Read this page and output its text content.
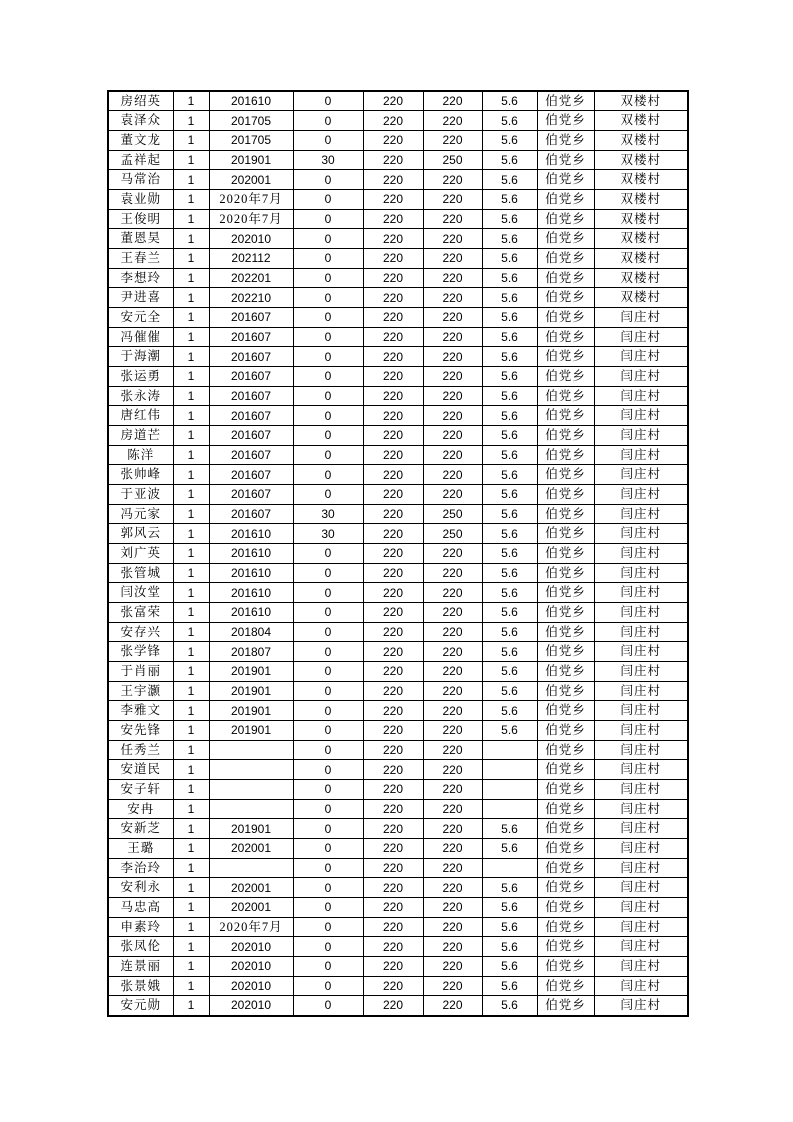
房绍英	1	201610	0	220	220	5.6	伯党乡	双楼村
袁泽众	1	201705	0	220	220	5.6	伯党乡	双楼村
董文龙	1	201705	0	220	220	5.6	伯党乡	双楼村
孟祥起	1	201901	30	220	250	5.6	伯党乡	双楼村
马常治	1	202001	0	220	220	5.6	伯党乡	双楼村
袁业勋	1	2020年7月	0	220	220	5.6	伯党乡	双楼村
王俊明	1	2020年7月	0	220	220	5.6	伯党乡	双楼村
董恩昊	1	202010	0	220	220	5.6	伯党乡	双楼村
王春兰	1	202112	0	220	220	5.6	伯党乡	双楼村
李想玲	1	202201	0	220	220	5.6	伯党乡	双楼村
尹进喜	1	202210	0	220	220	5.6	伯党乡	双楼村
安元全	1	201607	0	220	220	5.6	伯党乡	闫庄村
冯催催	1	201607	0	220	220	5.6	伯党乡	闫庄村
于海潮	1	201607	0	220	220	5.6	伯党乡	闫庄村
张运勇	1	201607	0	220	220	5.6	伯党乡	闫庄村
张永涛	1	201607	0	220	220	5.6	伯党乡	闫庄村
唐红伟	1	201607	0	220	220	5.6	伯党乡	闫庄村
房道芒	1	201607	0	220	220	5.6	伯党乡	闫庄村
陈洋	1	201607	0	220	220	5.6	伯党乡	闫庄村
张帅峰	1	201607	0	220	220	5.6	伯党乡	闫庄村
于亚波	1	201607	0	220	220	5.6	伯党乡	闫庄村
冯元家	1	201607	30	220	250	5.6	伯党乡	闫庄村
郭风云	1	201610	30	220	250	5.6	伯党乡	闫庄村
刘广英	1	201610	0	220	220	5.6	伯党乡	闫庄村
张管城	1	201610	0	220	220	5.6	伯党乡	闫庄村
闫汝堂	1	201610	0	220	220	5.6	伯党乡	闫庄村
张富荣	1	201610	0	220	220	5.6	伯党乡	闫庄村
安存兴	1	201804	0	220	220	5.6	伯党乡	闫庄村
张学锋	1	201807	0	220	220	5.6	伯党乡	闫庄村
于肖丽	1	201901	0	220	220	5.6	伯党乡	闫庄村
王宇灏	1	201901	0	220	220	5.6	伯党乡	闫庄村
李雅文	1	201901	0	220	220	5.6	伯党乡	闫庄村
安先锋	1	201901	0	220	220	5.6	伯党乡	闫庄村
任秀兰	1		0	220	220		伯党乡	闫庄村
安道民	1		0	220	220		伯党乡	闫庄村
安子轩	1		0	220	220		伯党乡	闫庄村
安冉	1		0	220	220		伯党乡	闫庄村
安新芝	1	201901	0	220	220	5.6	伯党乡	闫庄村
王璐	1	202001	0	220	220	5.6	伯党乡	闫庄村
李治玲	1		0	220	220		伯党乡	闫庄村
安利永	1	202001	0	220	220	5.6	伯党乡	闫庄村
马忠高	1	202001	0	220	220	5.6	伯党乡	闫庄村
申素玲	1	2020年7月	0	220	220	5.6	伯党乡	闫庄村
张凤伦	1	202010	0	220	220	5.6	伯党乡	闫庄村
连景丽	1	202010	0	220	220	5.6	伯党乡	闫庄村
张景娥	1	202010	0	220	220	5.6	伯党乡	闫庄村
安元勋	1	202010	0	220	220	5.6	伯党乡	闫庄村
